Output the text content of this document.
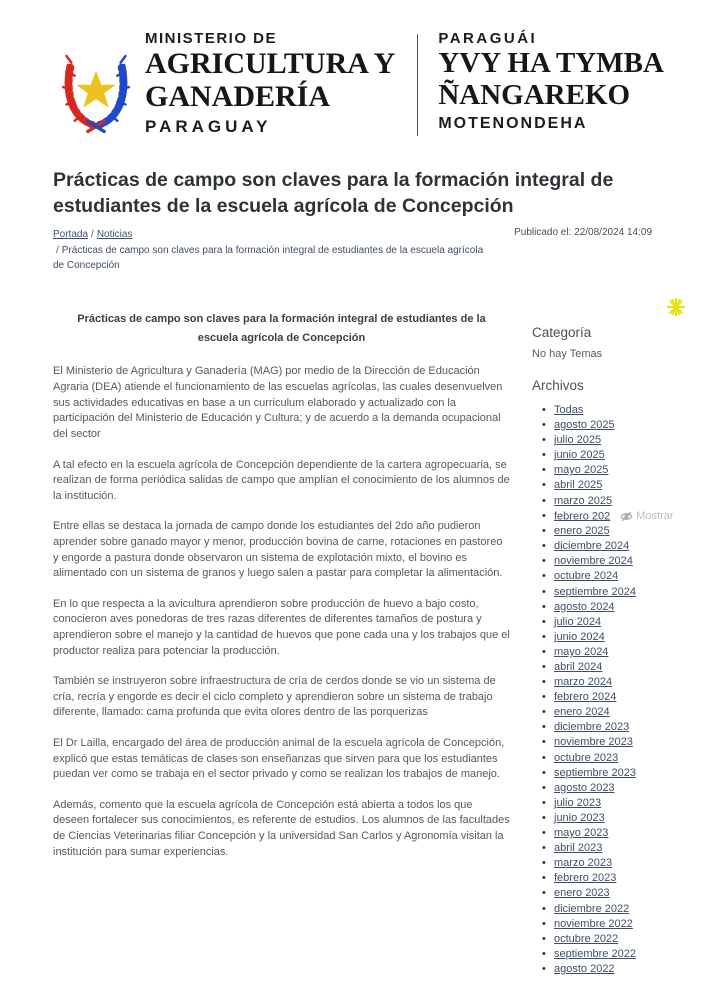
MINISTERIO DE
AGRICULTURA Y
GANADERÍA
PARAGUAY
PARAGUÁI
YVY HA TYMBA
ÑANGAREKO
MOTENONDEHA
Prácticas de campo son claves para la formación integral de estudiantes de la escuela agrícola de Concepción
Portada / Noticias
/ Prácticas de campo son claves para la formación integral de estudiantes de la escuela agrícola de Concepción
Publicado el: 22/08/2024 14:09
Prácticas de campo son claves para la formación integral de estudiantes de la escuela agrícola de Concepción

El Ministerio de Agricultura y Ganadería (MAG) por medio de la Dirección de Educación Agraria (DEA) atiende el funcionamiento de las escuelas agrícolas, las cuales desenvuelven sus actividades educativas en base a un curriculum elaborado y actualizado con la participación del Ministerio de Educación y Cultura; y de acuerdo a la demanda ocupacional del sector

A tal efecto en la escuela agrícola de Concepción dependiente de la cartera agropecuaria, se realizan de forma periódica salidas de campo que amplían el conocimiento de los alumnos de la institución.

Entre ellas se destaca la jornada de campo donde los estudiantes del 2do año pudieron aprender sobre ganado mayor y menor, producción bovina de carne, rotaciones en pastoreo y engorde a pastura donde observaron un sistema de explotación mixto, el bovino es alimentado con un sistema de granos y luego salen a pastar para completar la alimentación.

En lo que respecta a la avicultura aprendieron sobre producción de huevo a bajo costo, conocieron aves ponedoras de tres razas diferentes de diferentes tamaños de postura y aprendieron sobre el manejo y la cantidad de huevos que pone cada una y los trabajos que el productor realiza para potenciar la producción.

También se instruyeron sobre infraestructura de cría de cerdos donde se vio un sistema de cría, recría y engorde es decir el ciclo completo y aprendieron sobre un sistema de trabajo diferente, llamado: cama profunda que evita olores dentro de las porquerizas

El Dr Lailla, encargado del área de producción animal de la escuela agrícola de Concepción, explicó que estas temáticas de clases son enseñanzas que sirven para que los estudiantes puedan ver como se trabaja en el sector privado y como se realizan los trabajos de manejo.

Además, comento que la escuela agrícola de Concepción está abierta a todos los que deseen fortalecer sus conocimientos, es referente de estudios. Los alumnos de las facultades de Ciencias Veterinarias filiar Concepción y la universidad San Carlos y Agronomía visitan la institución para sumar experiencias.

Categoría
No hay Temas
Archivos
• Todas
• agosto 2025
• julio 2025
• junio 2025
• mayo 2025
• abril 2025
• marzo 2025
• febrero 202 Mostrar
• enero 2025
• diciembre 2024
• noviembre 2024
• octubre 2024
• septiembre 2024
• agosto 2024
• julio 2024
• junio 2024
• mayo 2024
• abril 2024
• marzo 2024
• febrero 2024
• enero 2024
• diciembre 2023
• noviembre 2023
• octubre 2023
• septiembre 2023
• agosto 2023
• julio 2023
• junio 2023
• mayo 2023
• abril 2023
• marzo 2023
• febrero 2023
• enero 2023
• diciembre 2022
• noviembre 2022
• octubre 2022
• septiembre 2022
• agosto 2022
